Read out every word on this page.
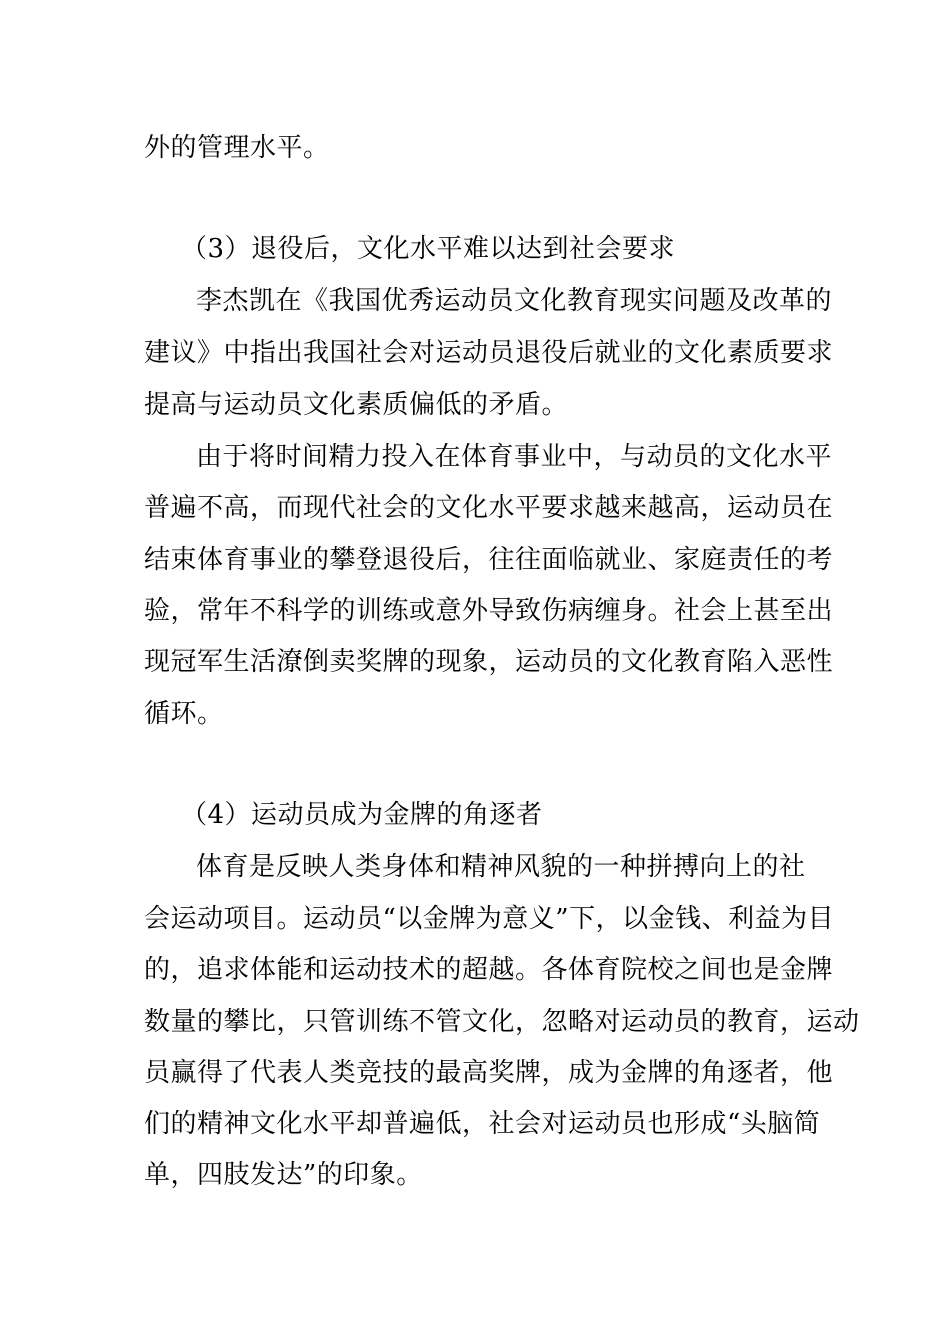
外的管理水平。
（3）退役后，文化水平难以达到社会要求
李杰凯在《我国优秀运动员文化教育现实问题及改革的
建议》中指出我国社会对运动员退役后就业的文化素质要求
提高与运动员文化素质偏低的矛盾。
由于将时间精力投入在体育事业中，与动员的文化水平
普遍不高，而现代社会的文化水平要求越来越高，运动员在
结束体育事业的攀登退役后，往往面临就业、家庭责任的考
验，常年不科学的训练或意外导致伤病缠身。社会上甚至出
现冠军生活潦倒卖奖牌的现象，运动员的文化教育陷入恶性
循环。
（4）运动员成为金牌的角逐者
体育是反映人类身体和精神风貌的一种拼搏向上的社
会运动项目。运动员“以金牌为意义”下，以金钱、利益为目
的，追求体能和运动技术的超越。各体育院校之间也是金牌
数量的攀比，只管训练不管文化，忽略对运动员的教育，运动
员赢得了代表人类竞技的最高奖牌，成为金牌的角逐者，他
们的精神文化水平却普遍低，社会对运动员也形成“头脑简
单，四肢发达”的印象。
